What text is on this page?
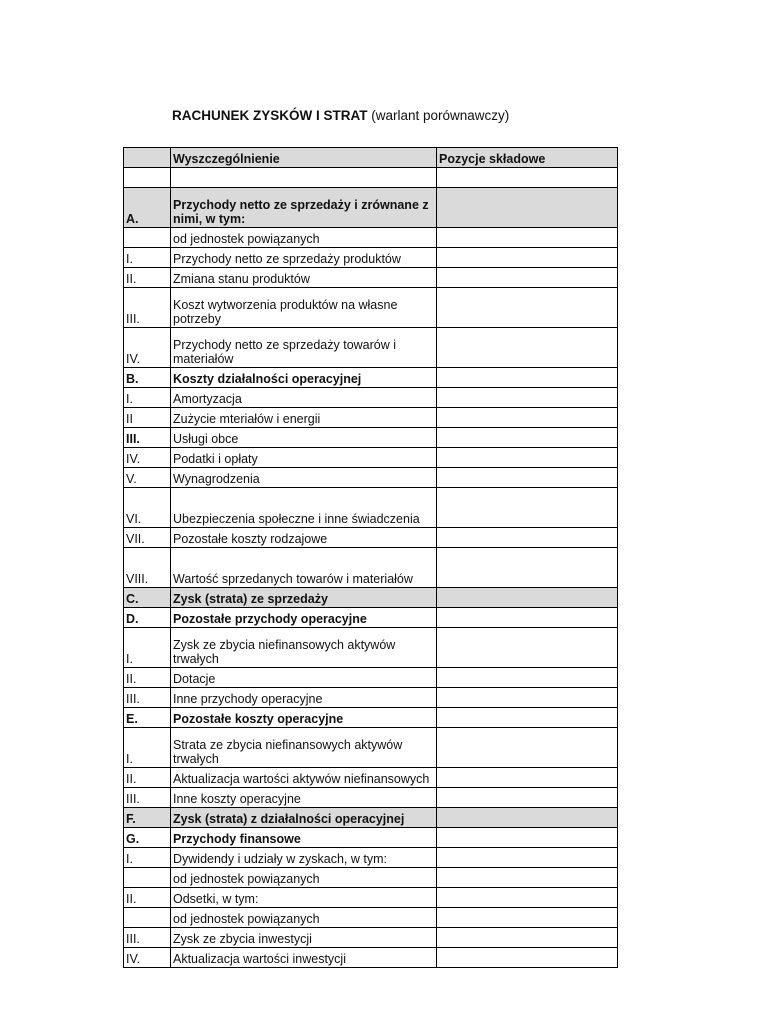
RACHUNEK ZYSKÓW I STRAT (warlant porównawczy)
	Wyszczególnienie	Pozycje składowe

A.	Przychody netto ze sprzedaży i zrównane z nimi, w tym:	
	od jednostek powiązanych	
I.	Przychody netto ze sprzedaży produktów	
II.	Zmiana stanu produktów	
III.	Koszt wytworzenia produktów na własne potrzeby	
IV.	Przychody netto ze sprzedaży towarów i materiałów	
B.	Koszty działalności operacyjnej	
I.	Amortyzacja	
II	Zużycie mteriałów i energii	
III.	Usługi obce	
IV.	Podatki i opłaty	
V.	Wynagrodzenia	
VI.	Ubezpieczenia społeczne i inne świadczenia	
VII.	Pozostałe koszty rodzajowe	
VIII.	Wartość sprzedanych towarów i materiałów	
C.	Zysk (strata) ze sprzedaży	
D.	Pozostałe przychody operacyjne	
I.	Zysk ze zbycia niefinansowych aktywów trwałych	
II.	Dotacje	
III.	Inne przychody operacyjne	
E.	Pozostałe koszty operacyjne	
I.	Strata ze zbycia niefinansowych aktywów trwałych	
II.	Aktualizacja wartości aktywów niefinansowych	
III.	Inne koszty operacyjne	
F.	Zysk (strata) z działalności operacyjnej	
G.	Przychody finansowe	
I.	Dywidendy i udziały w zyskach, w tym:	
	od jednostek powiązanych	
II.	Odsetki, w tym:	
	od jednostek powiązanych	
III.	Zysk ze zbycia inwestycji	
IV.	Aktualizacja wartości inwestycji	
